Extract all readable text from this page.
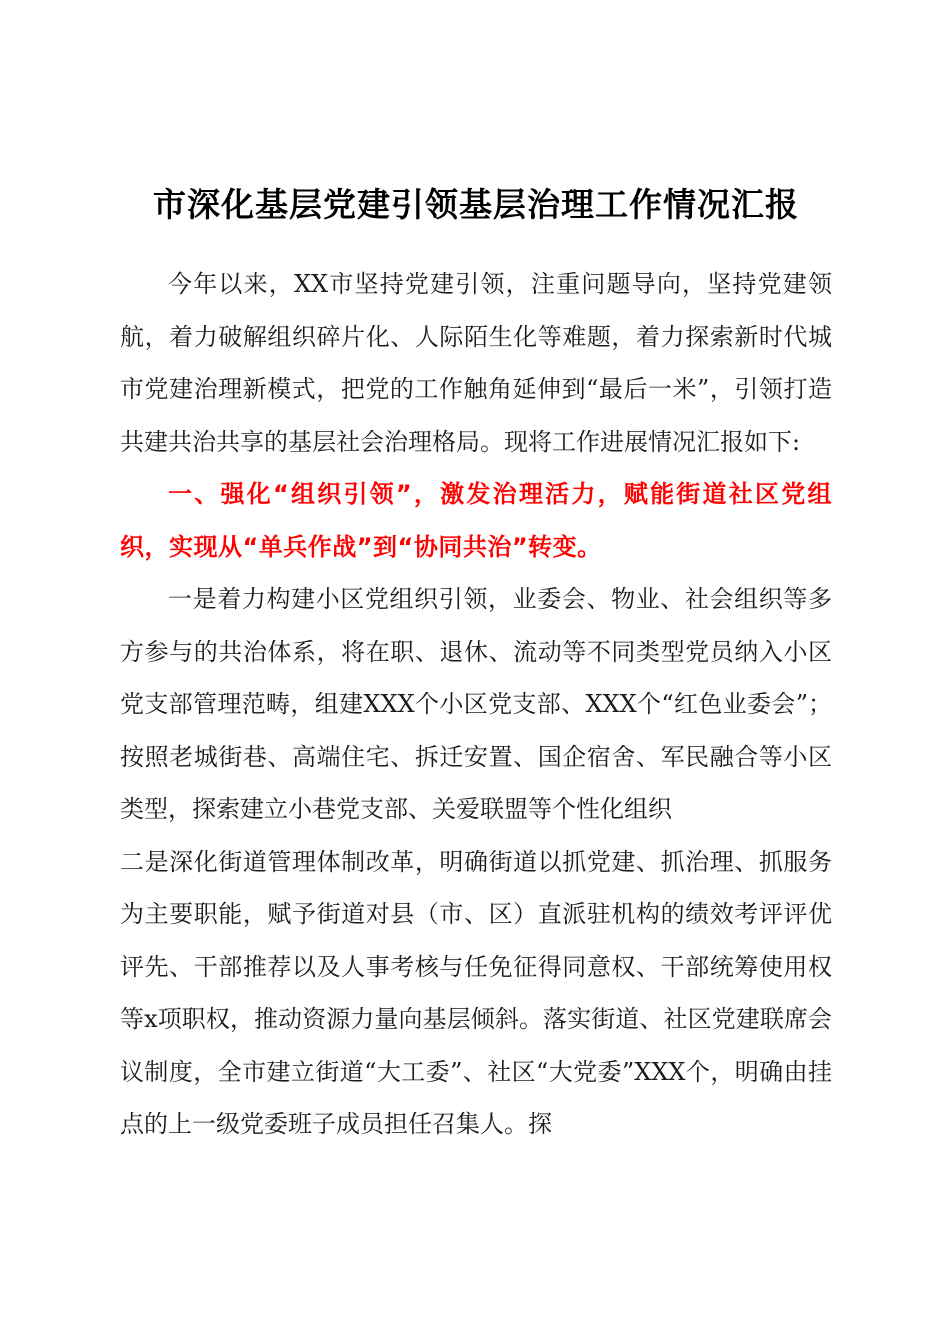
市深化基层党建引领基层治理工作情况汇报

今年以来，XX市坚持党建引领，注重问题导向，坚持党建领航，着力破解组织碎片化、人际陌生化等难题，着力探索新时代城市党建治理新模式，把党的工作触角延伸到“最后一米”，引领打造共建共治共享的基层社会治理格局。现将工作进展情况汇报如下:

一、强化“组织引领”，激发治理活力，赋能街道社区党组织，实现从“单兵作战”到“协同共治”转变。

一是着力构建小区党组织引领，业委会、物业、社会组织等多方参与的共治体系，将在职、退休、流动等不同类型党员纳入小区党支部管理范畴，组建XXX个小区党支部、XXX个“红色业委会”；按照老城街巷、高端住宅、拆迁安置、国企宿舍、军民融合等小区类型，探索建立小巷党支部、关爱联盟等个性化组织

二是深化街道管理体制改革，明确街道以抓党建、抓治理、抓服务为主要职能，赋予街道对县（市、区）直派驻机构的绩效考评评优评先、干部推荐以及人事考核与任免征得同意权、干部统筹使用权等x项职权，推动资源力量向基层倾斜。落实街道、社区党建联席会议制度，全市建立街道“大工委”、社区“大党委”XXX个，明确由挂点的上一级党委班子成员担任召集人。探
